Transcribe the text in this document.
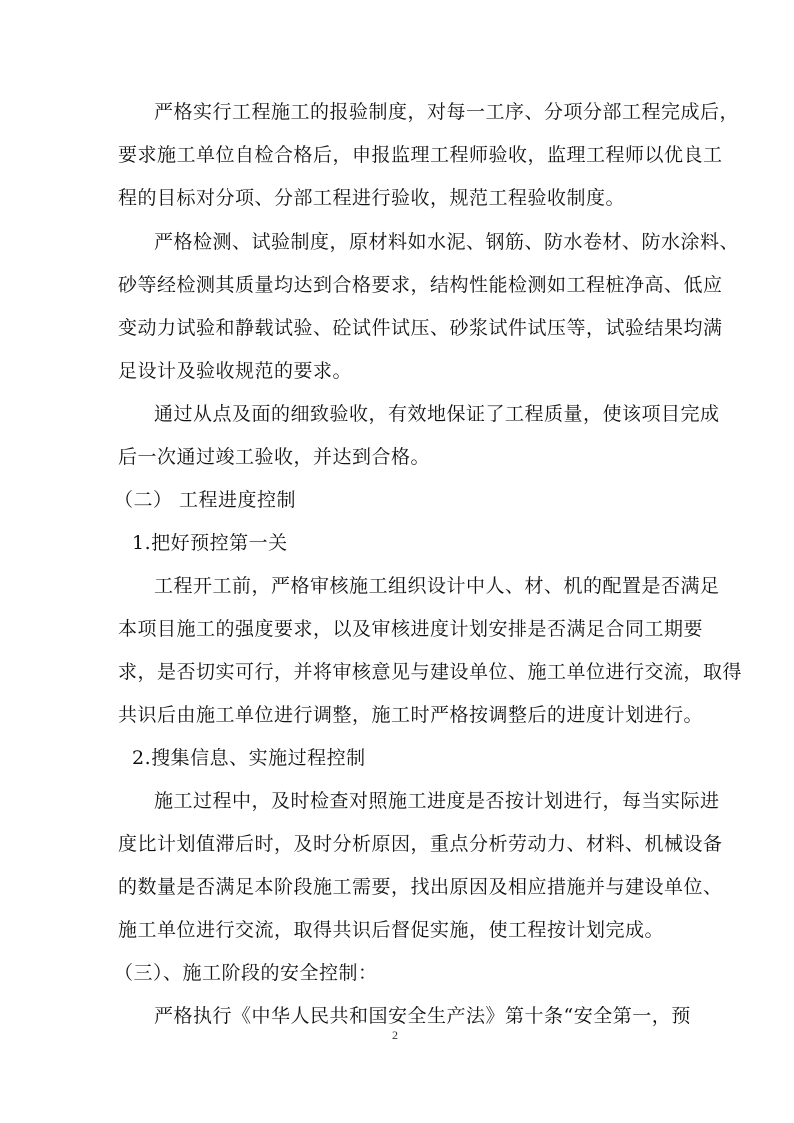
严格实行工程施工的报验制度，对每一工序、分项分部工程完成后，
要求施工单位自检合格后，申报监理工程师验收，监理工程师以优良工
程的目标对分项、分部工程进行验收，规范工程验收制度。
严格检测、试验制度，原材料如水泥、钢筋、防水卷材、防水涂料、
砂等经检测其质量均达到合格要求，结构性能检测如工程桩净高、低应
变动力试验和静载试验、砼试件试压、砂浆试件试压等，试验结果均满
足设计及验收规范的要求。
通过从点及面的细致验收，有效地保证了工程质量，使该项目完成
后一次通过竣工验收，并达到合格。
（二） 工程进度控制
1.把好预控第一关
工程开工前，严格审核施工组织设计中人、材、机的配置是否满足
本项目施工的强度要求，以及审核进度计划安排是否满足合同工期要
求，是否切实可行，并将审核意见与建设单位、施工单位进行交流，取得
共识后由施工单位进行调整，施工时严格按调整后的进度计划进行。
2.搜集信息、实施过程控制
施工过程中，及时检查对照施工进度是否按计划进行，每当实际进
度比计划值滞后时，及时分析原因，重点分析劳动力、材料、机械设备
的数量是否满足本阶段施工需要，找出原因及相应措施并与建设单位、
施工单位进行交流，取得共识后督促实施，使工程按计划完成。
（三）、施工阶段的安全控制：
严格执行《中华人民共和国安全生产法》第十条“安全第一，预
2
